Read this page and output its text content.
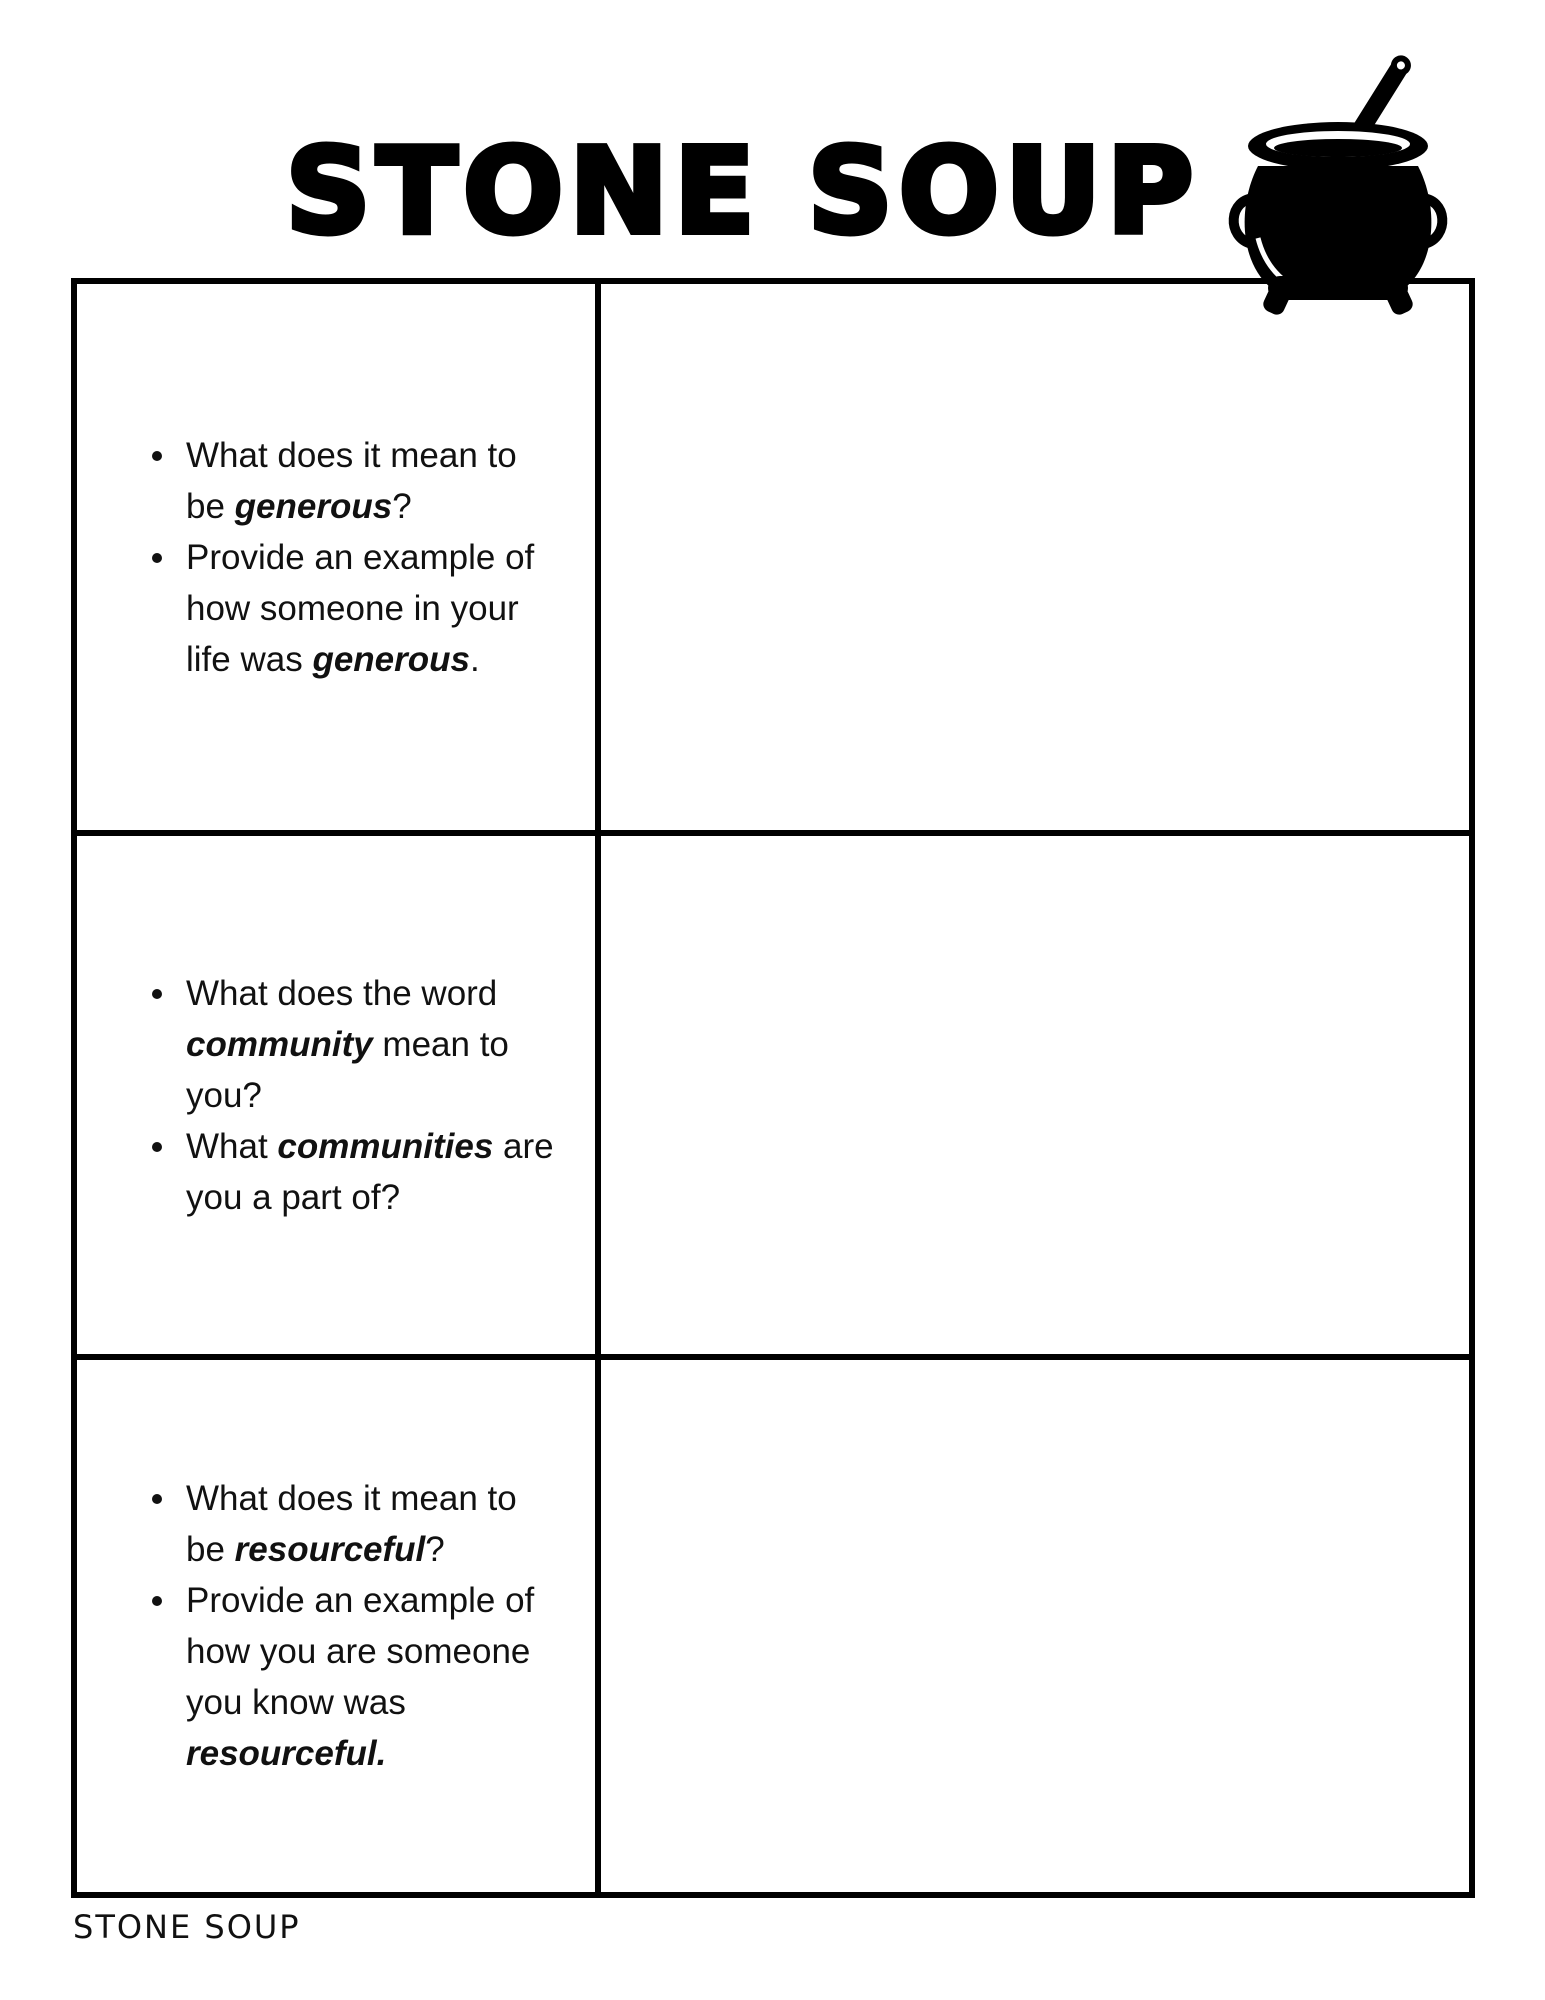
STONE SOUP
What does it mean to be generous?
Provide an example of how someone in your life was generous.
What does the word community mean to you?
What communities are you a part of?
What does it mean to be resourceful?
Provide an example of how you are someone you know was resourceful.
STONE SOUP
